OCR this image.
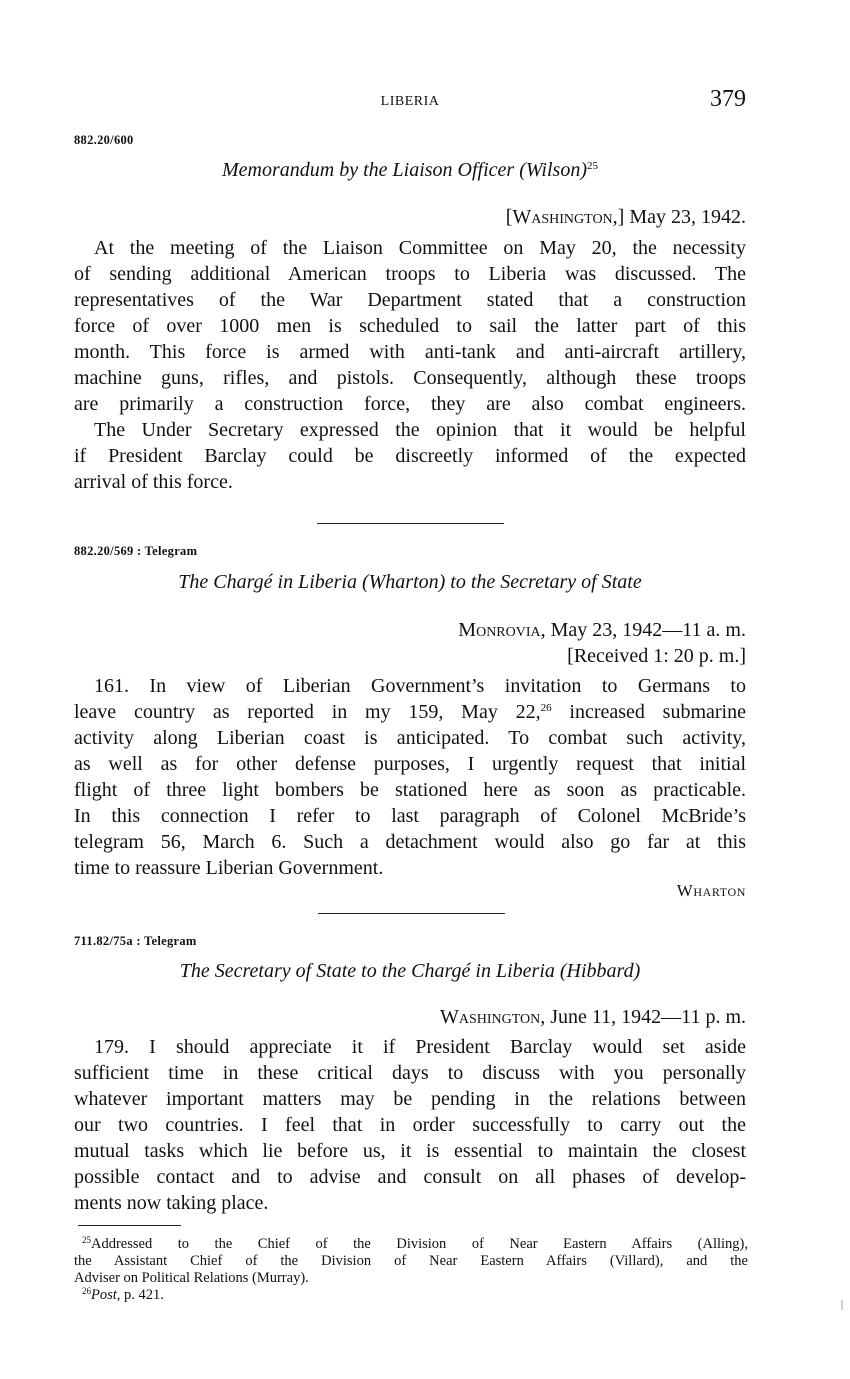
LIBERIA	379
882.20/600
Memorandum by the Liaison Officer (Wilson)$^{25}$
[Washington,] May 23, 1942.
At the meeting of the Liaison Committee on May 20, the necessity
of sending additional American troops to Liberia was discussed. The
representatives of the War Department stated that a construction
force of over 1000 men is scheduled to sail the latter part of this
month. This force is armed with anti-tank and anti-aircraft artillery,
machine guns, rifles, and pistols. Consequently, although these troops
are primarily a construction force, they are also combat engineers.
The Under Secretary expressed the opinion that it would be helpful
if President Barclay could be discreetly informed of the expected
arrival of this force.
882.20/569 : Telegram
The Chargé in Liberia (Wharton) to the Secretary of State
Monrovia, May 23, 1942—11 a. m.
[Received 1: 20 p. m.]
161. In view of Liberian Government’s invitation to Germans to
leave country as reported in my 159, May 22,26 increased submarine
activity along Liberian coast is anticipated. To combat such activity,
as well as for other defense purposes, I urgently request that initial
flight of three light bombers be stationed here as soon as practicable.
In this connection I refer to last paragraph of Colonel McBride’s
telegram 56, March 6. Such a detachment would also go far at this
time to reassure Liberian Government.
Wharton
711.82/75a : Telegram
The Secretary of State to the Chargé in Liberia (Hibbard)
Washington, June 11, 1942—11 p. m.
179. I should appreciate it if President Barclay would set aside
sufficient time in these critical days to discuss with you personally
whatever important matters may be pending in the relations between
our two countries. I feel that in order successfully to carry out the
mutual tasks which lie before us, it is essential to maintain the closest
possible contact and to advise and consult on all phases of develop-
ments now taking place.
$^{25}$Addressed to the Chief of the Division of Near Eastern Affairs (Alling),
the Assistant Chief of the Division of Near Eastern Affairs (Villard), and the
Adviser on Political Relations (Murray).
$^{26}$Post, p. 421.
